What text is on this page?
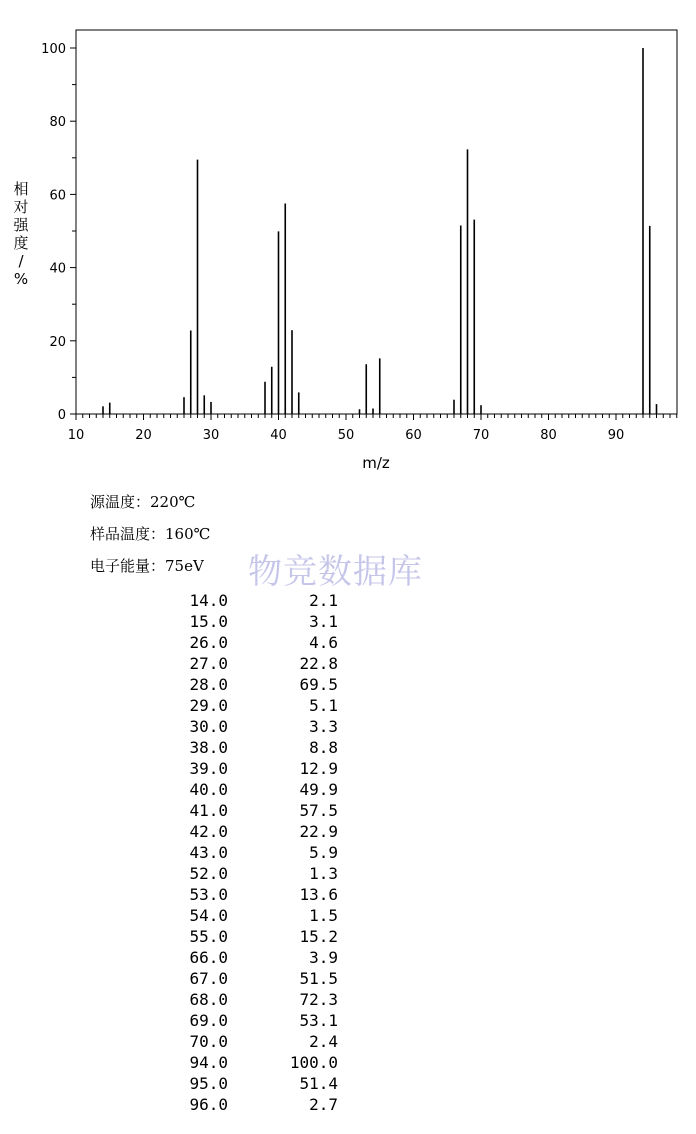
0
20
40
60
80
100
10	20	30	40	50	60	70	80	90
m/z
相
对
强
度
/
%
源温度：220℃
样品温度：160℃
电子能量：75eV 物竞数据库
14.0	2.1
15.0	3.1
26.0	4.6
27.0	22.8
28.0	69.5
29.0	5.1
30.0	3.3
38.0	8.8
39.0	12.9
40.0	49.9
41.0	57.5
42.0	22.9
43.0	5.9
52.0	1.3
53.0	13.6
54.0	1.5
55.0	15.2
66.0	3.9
67.0	51.5
68.0	72.3
69.0	53.1
70.0	2.4
94.0	100.0
95.0	51.4
96.0	2.7
